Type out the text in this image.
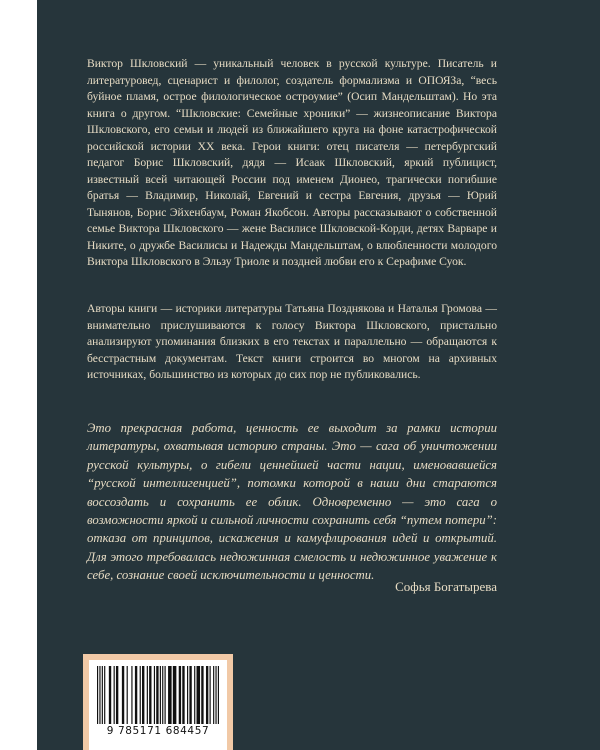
Виктор Шкловский — уникальный человек в русской культуре. Писатель и литературовед, сценарист и филолог, создатель формализма и ОПОЯЗа, “весь буйное пламя, острое филологическое остроумие” (Осип Мандельштам). Но эта книга о другом. “Шкловские: Семейные хроники” — жизнеописание Виктора Шкловского, его семьи и людей из ближайшего круга на фоне катастрофической российской истории XX века. Герои книги: отец писателя — петербургский педагог Борис Шкловский, дядя — Исаак Шкловский, яркий публицист, известный всей читающей России под именем Дионео, трагически погибшие братья — Владимир, Николай, Евгений и сестра Евгения, друзья — Юрий Тынянов, Борис Эйхенбаум, Роман Якобсон. Авторы рассказывают о собственной семье Виктора Шкловского — жене Василисе Шкловской-Корди, детях Варваре и Никите, о дружбе Василисы и Надежды Мандельштам, о влюбленности молодого Виктора Шкловского в Эльзу Триоле и поздней любви его к Серафиме Суок.

Авторы книги — историки литературы Татьяна Позднякова и Наталья Громова — внимательно прислушиваются к голосу Виктора Шкловского, пристально анализируют упоминания близких в его текстах и параллельно — обращаются к бесстрастным документам. Текст книги строится во многом на архивных источниках, большинство из которых до сих пор не публиковались.

Это прекрасная работа, ценность ее выходит за рамки истории литературы, охватывая историю страны. Это — сага об уничтожении русской культуры, о гибели ценнейшей части нации, именовавшейся “русской интеллигенцией”, потомки которой в наши дни стараются воссоздать и сохранить ее облик. Одновременно — это сага о возможности яркой и сильной личности сохранить себя “путем потери”: отказа от принципов, искажения и камуфлирования идей и открытий. Для этого требовалась недюжинная смелость и недюжинное уважение к себе, сознание своей исключительности и ценности.

Софья Богатырева
9 785171 684457
